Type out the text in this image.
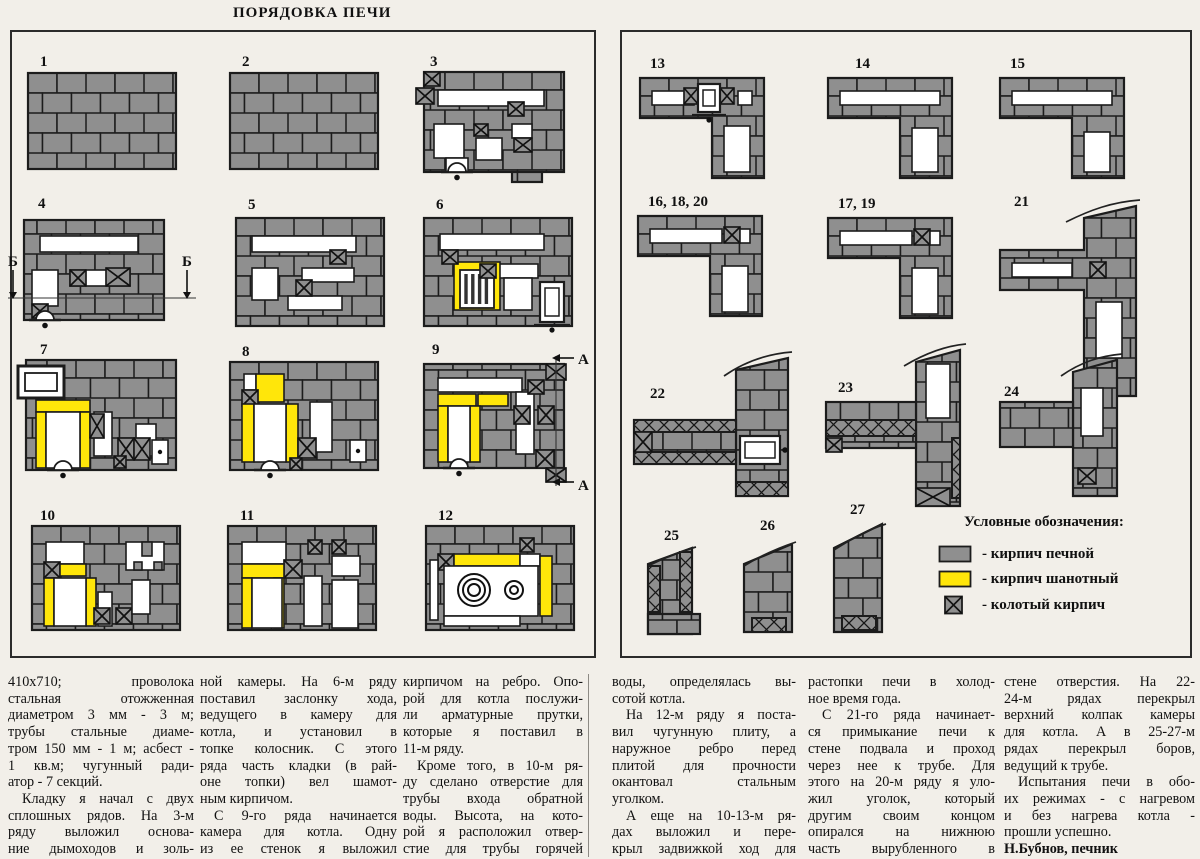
ПОРЯДОВКА ПЕЧИ
1	2	3
4
Б	Б
5	6
7	8	9
А
А
10	11	12
13	14	15
16, 18, 20	17, 19	21
22	23	24
25
26
27
Условные обозначения:
- кирпич печной
- кирпич шанотный
- колотый кирпич
410x710; проволока
стальная отожженная
диаметром 3 мм - 3 м;
трубы стальные диаме-
тром 150 мм - 1 м; асбест -
1 кв.м; чугунный ради-
атор - 7 секций.
Кладку я начал с двух
сплошных рядов. На 3-м
ряду выложил основа-
ние дымоходов и золь-
ной камеры. На 6-м ряду
поставил заслонку хода,
ведущего в камеру для
котла, и установил в
топке колосник. С этого
ряда часть кладки (в рай-
оне топки) вел шамот-
ным кирпичом.
С 9-го ряда начинается
камера для котла. Одну
из ее стенок я выложил
кирпичом на ребро. Опо-
рой для котла послужи-
ли арматурные прутки,
которые я поставил в
11-м ряду.
Кроме того, в 10-м ря-
ду сделано отверстие для
трубы входа обратной
воды. Высота, на кото-
рой я расположил отвер-
стие для трубы горячей
воды, определялась вы-
сотой котла.
На 12-м ряду я поста-
вил чугунную плиту, а
наружное ребро перед
плитой для прочности
окантовал стальным
уголком.
А еще на 10-13-м ря-
дах выложил и пере-
крыл задвижкой ход для
растопки печи в холод-
ное время года.
С 21-го ряда начинает-
ся примыкание печи к
стене подвала и проход
через нее к трубе. Для
этого на 20-м ряду я уло-
жил уголок, который
другим своим концом
опирался на нижнюю
часть вырубленного в
стене отверстия. На 22-
24-м рядах перекрыл
верхний колпак камеры
для котла. А в 25-27-м
рядах перекрыл боров,
ведущий к трубе.
Испытания печи в обо-
их режимах - с нагревом
и без нагрева котла -
прошли успешно.
Н.Бубнов, печник
